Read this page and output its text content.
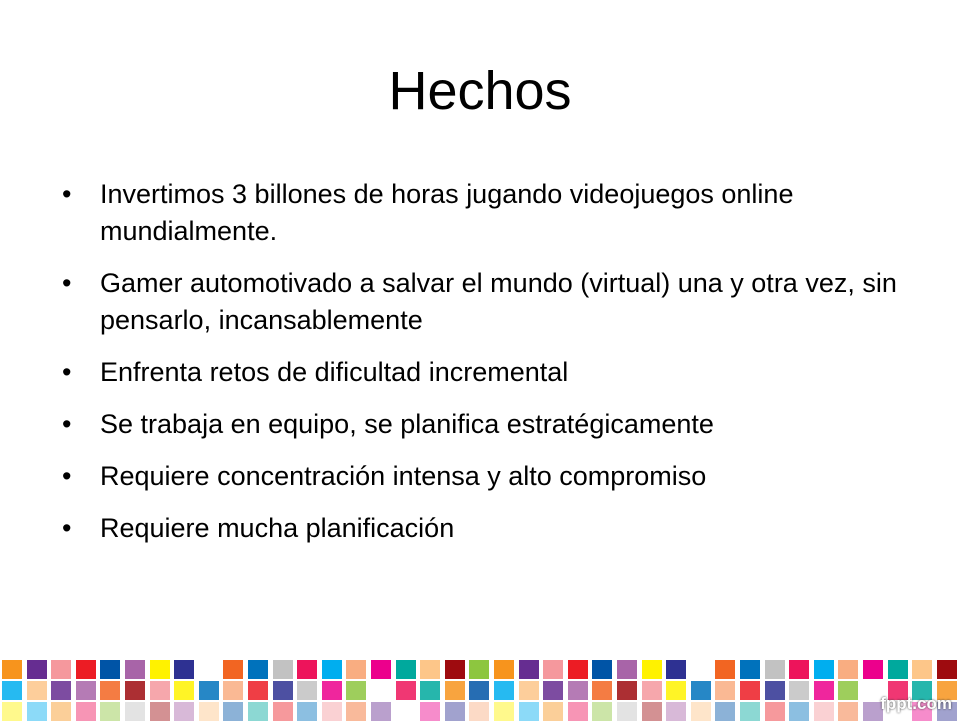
Hechos
• Invertimos 3 billones de horas jugando videojuegos online mundialmente.
• Gamer automotivado a salvar el mundo (virtual) una y otra vez, sin pensarlo, incansablemente
• Enfrenta retos de dificultad incremental
• Se trabaja en equipo, se planifica estratégicamente
• Requiere concentración intensa y alto compromiso
• Requiere mucha planificación
fppt.com
